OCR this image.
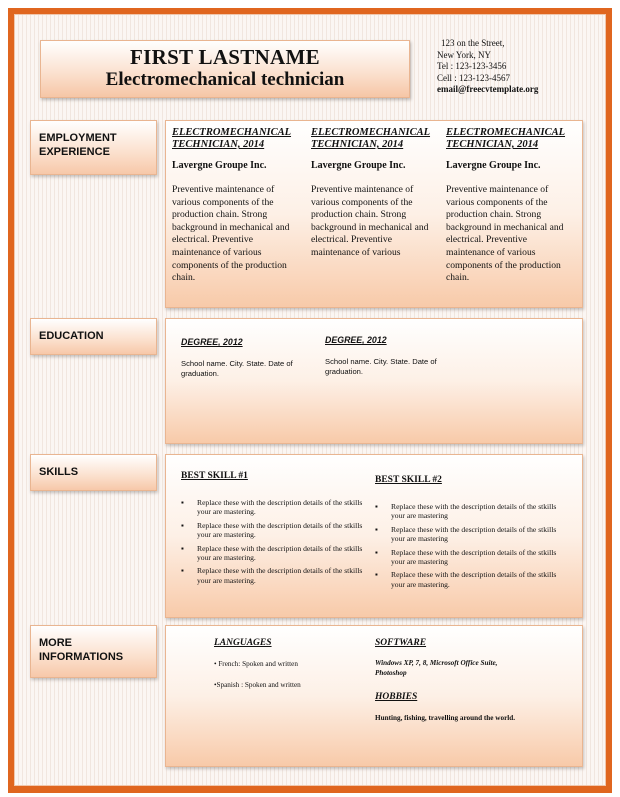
FIRST LASTNAME
Electromechanical technician
123 on the Street,
New York, NY
Tel : 123-123-3456
Cell : 123-123-4567
email@freecvtemplate.org
EMPLOYMENT EXPERIENCE
ELECTROMECHANICAL TECHNICIAN, 2014
Lavergne Groupe Inc.
Preventive maintenance of various components of the production chain. Strong background in mechanical and electrical. Preventive maintenance of various components of the production chain.
ELECTROMECHANICAL TECHNICIAN, 2014
Lavergne Groupe Inc.
Preventive maintenance of various components of the production chain. Strong background in mechanical and electrical. Preventive maintenance of various
ELECTROMECHANICAL TECHNICIAN, 2014
Lavergne Groupe Inc.
Preventive maintenance of various components of the production chain. Strong background in mechanical and electrical. Preventive maintenance of various components of the production chain.
EDUCATION	DEGREE, 2012
School name. City. State. Date of graduation.
DEGREE, 2012
School name. City. State. Date of graduation.
SKILLS	BEST SKILL #1
▪ Replace these with the description details of the stkills your are mastering.
▪ Replace these with the description details of the stkills your are mastering.
▪ Replace these with the description details of the stkills your are mastering.
▪ Replace these with the description details of the stkills your are mastering.
BEST SKILL #2
▪ Replace these with the description details of the stkills your are mastering
▪ Replace these with the description details of the stkills your are mastering
▪ Replace these with the description details of the stkills your are mastering
▪ Replace these with the description details of the stkills your are mastering.
MORE INFORMATIONS
LANGUAGES
• French: Spoken and written
•Spanish : Spoken and written
SOFTWARE
Windows XP, 7, 8, Microsoft Office Suite, Photoshop
HOBBIES
Hunting, fishing, travelling around the world.
